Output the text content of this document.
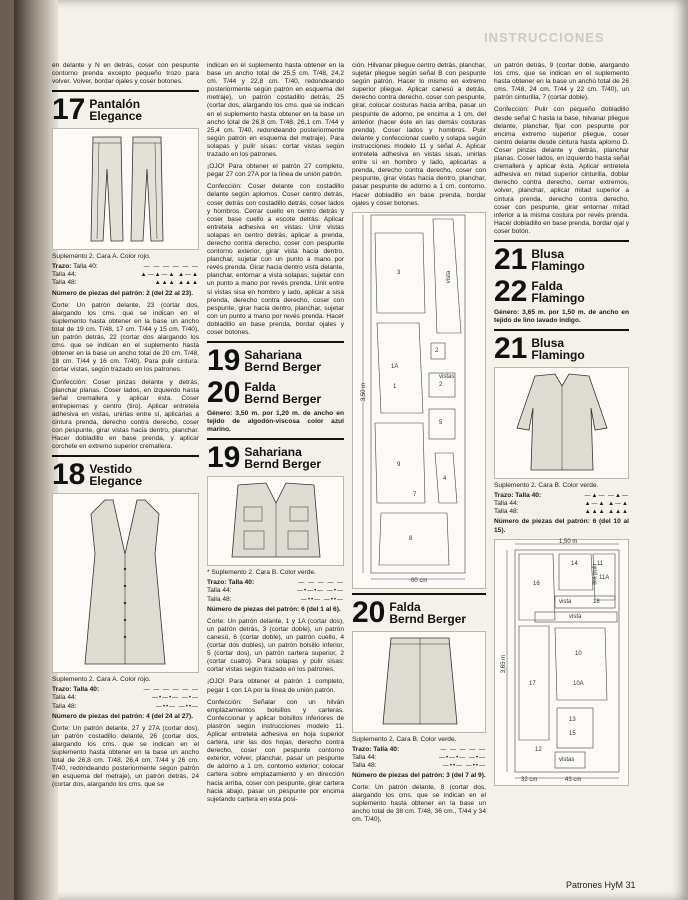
INSTRUCCIONES

en delante y N en detrás, coser con pespunte contorno prenda excepto pequeño trozo para volver. Volver, bordar ojales y coser botones.

17 Pantalón
Elegance
Suplemento 2. Cara A. Color rojo.
Trazo: Talla 40:	— — — — — —
Talla 44:	▲—▲—▲ ▲—▲
Talla 48:	▲▲▲ ▲▲▲

Número de piezas del patrón: 2 (del 22 al 23).

Corte: Un patrón delante, 23 (cortar dos, alargando los cms. que se indican en el suplemento hasta obtener en la base un ancho total de 19 cm. T/48, 17 cm. T/44 y 15 cm. T/40), un patrón detrás, 22 (cortar dos alargando los cms. que se indican en el suplemento hasta obtener en la base un ancho total de 20 cm. T/48, 18 cm. T/44 y 16 cm. T/40). Para pulir cintura: cortar vistas, según trazado en los patrones.

Confección: Coser pinzas delante y detrás, planchar planas. Coser lados, en izquierdo hasta señal cremallera y aplicar ésta. Coser entrepiernas y centro (tiro). Aplicar entretela adhesiva en vistas, unirlas entre sí, aplicarlas a cintura prenda, derecho contra derecho, coser con pespunte, girar vistas hacia dentro, planchar. Hacer dobladillo en base prenda, y aplicar corchete en extremo superior cremallera.

18 Vestido
Elegance
Suplemento 2. Cara A. Color rojo.
Trazo: Talla 40:	— — — — — —
Talla 44:	—•—•— —•—
Talla 48:	—••— —••—

Número de piezas del patrón: 4 (del 24 al 27).

Corte: Un patrón delante, 27 y 27A (cortar dos), un patrón costadillo delante, 26 (cortar dos, alargando los cms. que se indican en el suplemento hasta obtener en la base un ancho total de 26,8 cm. T/48, 26,4 cm. T/44 y 26 cm. T/40, redondeando posteriormente según patrón en esquema del metraje), un patrón detrás, 24 (cortar dos, alargando los cms. que se

indican en el suplemento hasta obtener en la base un ancho total de 25,5 cm. T/48, 24,2 cm. T/44 y 22,8 cm. T/40, redondeando posteriormente según patrón en esquema del metraje), un patrón costadillo detrás, 25 (cortar dos, alargando los cms. que se indican en el suplemento hasta obtener en la base un ancho total de 26,8 cm. T/48, 26,1 cm. T/44 y 25,4 cm. T/40, redondeando posteriormente según patrón en esquema del metraje). Para solapas y pulir sisas: cortar vistas según trazado en los patrones.

¡OJO! Para obtener el patrón 27 completo, pegar 27 con 27A por la línea de unión patrón.

Confección: Coser delante con costadillo delante según aplomos. Coser centro detrás, coser detrás con costadillo detrás, coser lados y hombros. Cerrar cuello en centro detrás y coser base cuello a escote detrás. Aplicar entretela adhesiva en vistas. Unir vistas solapas en centro detrás, aplicar a prenda, derecho contra derecho, coser con pespunte contorno exterior, girar vista hacia dentro, planchar, sujetar con un punto a mano por revés prenda. Girar hacia dentro vista delante, planchar, entornar a vista solapas, sujetar con un punto a mano por revés prenda. Unir entre sí vistas sisa en hombro y lado, aplicar a sisa prenda, derecho contra derecho, coser con pespunte, girar hacia dentro, planchar, sujetar con un punto a mano por revés prenda. Hacer dobladillo en base prenda, bordar ojales y coser botones.

19 Sahariana
Bernd Berger
20 Falda
Bernd Berger

Género: 3,50 m. por 1,20 m. de ancho en tejido de algodón-viscosa color azul marino.

19 Sahariana
Bernd Berger
* Suplemento 2. Cara B. Color verde.
Trazo: Talla 40:	— — — — —
Talla 44:	—•—•— —•—
Talla 48:	—••— —••—

Número de piezas del patrón: 6 (del 1 al 6).

Corte: Un patrón delante, 1 y 1A (cortar dos), un patrón detrás, 3 (cortar doble), un patrón canesú, 6 (cortar doble), un patrón cuello, 4 (cortar dos dobles), un patrón bolsillo inferior, 5 (cortar dos), un patrón cartera superior, 2 (cortar cuatro). Para solapas y pulir sisas: cortar vistas según trazado en los patrones.

¡OJO! Para obtener el patrón 1 completo, pegar 1 con 1A por la línea de unión patrón.

Confección: Señalar con un hilván emplazamientos bolsillos y carteras. Confeccionar y aplicar bolsillos inferiores de plastrón según instrucciones modelo 11. Aplicar entretela adhesiva en hoja superior cartera, unir las dos hojas, derecho contra derecho, coser con pespunte contorno exterior, volver, planchar, pasar un pespunte de adorno a 1 cm. contorno exterior; colocar cartera sobre emplazamiento y en dirección hacia arriba, coser con pespunte, girar cartera hacia abajo, pasar un pespunte por encima sujetando cartera en esta posi-

ción. Hilvanar pliegue centro detrás, planchar, sujetar pliegue según señal B con pespunte según patrón. Hacer lo mismo en extremo superior pliegue. Aplicar canesú a detrás, derecho contra derecho, coser con pespunte, girar, colocar costuras hacia arriba, pasar un pespunte de adorno, pe encima a 1 cm. del anterior (hacer éste en las demás costuras prenda). Coser lados y hombros. Pulir delante y confeccionar cuello y solapa según instrucciones modelo 11 y señal A. Aplicar entretela adhesiva en vistas sisas, unirlas entre sí en hombro y lado, aplicarlas a prenda, derecho contra derecho, coser con pespunte, girar vistas hacia dentro, planchar, pasar pespunte de adorno a 1 cm. contorno. Hacer dobladillo en base prenda, bordar ojales y coser botones.

3,50 m
60 cm
3	vista
1A
vistas
1
2
2
9
5
4
8
7
20 Falda
Bernd Berger
Suplemento 2. Cara B. Color verde.
Trazo: Talla 40:	— — — — —
Talla 44:	—•—•— —•—
Talla 48:	—••— —••—

Número de piezas del patrón: 3 (del 7 al 9).

Corte: Un patrón delante, 8 (cortar dos, alargando los cms. que se indican en el suplemento hasta obtener en la base un ancho total de 38 cm. T/48, 36 cm., T/44 y 34 cm. T/40),

un patrón detrás, 9 (cortar doble, alargando los cms. que se indican en el suplemento hasta obtener en la base un ancho total de 26 cms. T/48, 24 cm. T/44 y 22 cm. T/40), un patrón cinturilla, 7 (cortar doble).

Confección: Pulir con pequeño dobladillo desde señal C hasta la base, hilvanar pliegue delante, planchar, fijar con pespunte por encima extremo superior pliegue, coser centro delante desde cintura hasta aplomo D. Coser pinzas delante y detrás, planchar planas. Coser lados, en izquierdo hasta señal cremallera y aplicar ésta. Aplicar entretela adhesiva en mitad superior cinturilla, doblar derecho contra derecho, cerrar extremos, volver, planchar, aplicar mitad superior a cintura prenda, derecho contra derecho, coser con pespunte, girar entornar mitad inferior a la misma costura por revés prenda. Hacer dobladillo en base prenda, bordar ojal y coser botón.

21 Blusa
Flamingo
22 Falda
Flamingo

Género: 3,65 m. por 1,50 m. de ancho en tejido de lino lavado índigo.

21 Blusa
Flamingo
Suplemento 2. Cara B. Color verde.
Trazo: Talla 40:	—▲— —▲—
Talla 44:	▲—▲ ▲—▲
Talla 48:	▲▲▲ ▲▲▲

Número de piezas del patrón: 6 (del 10 al 15).

1,50 m
3,65 m
32 cm	43 cm
16
14 tira pulir
11
11A
vista	18
vista
17
10
10A
13
15
12
vistas
Patrones HyM 31
